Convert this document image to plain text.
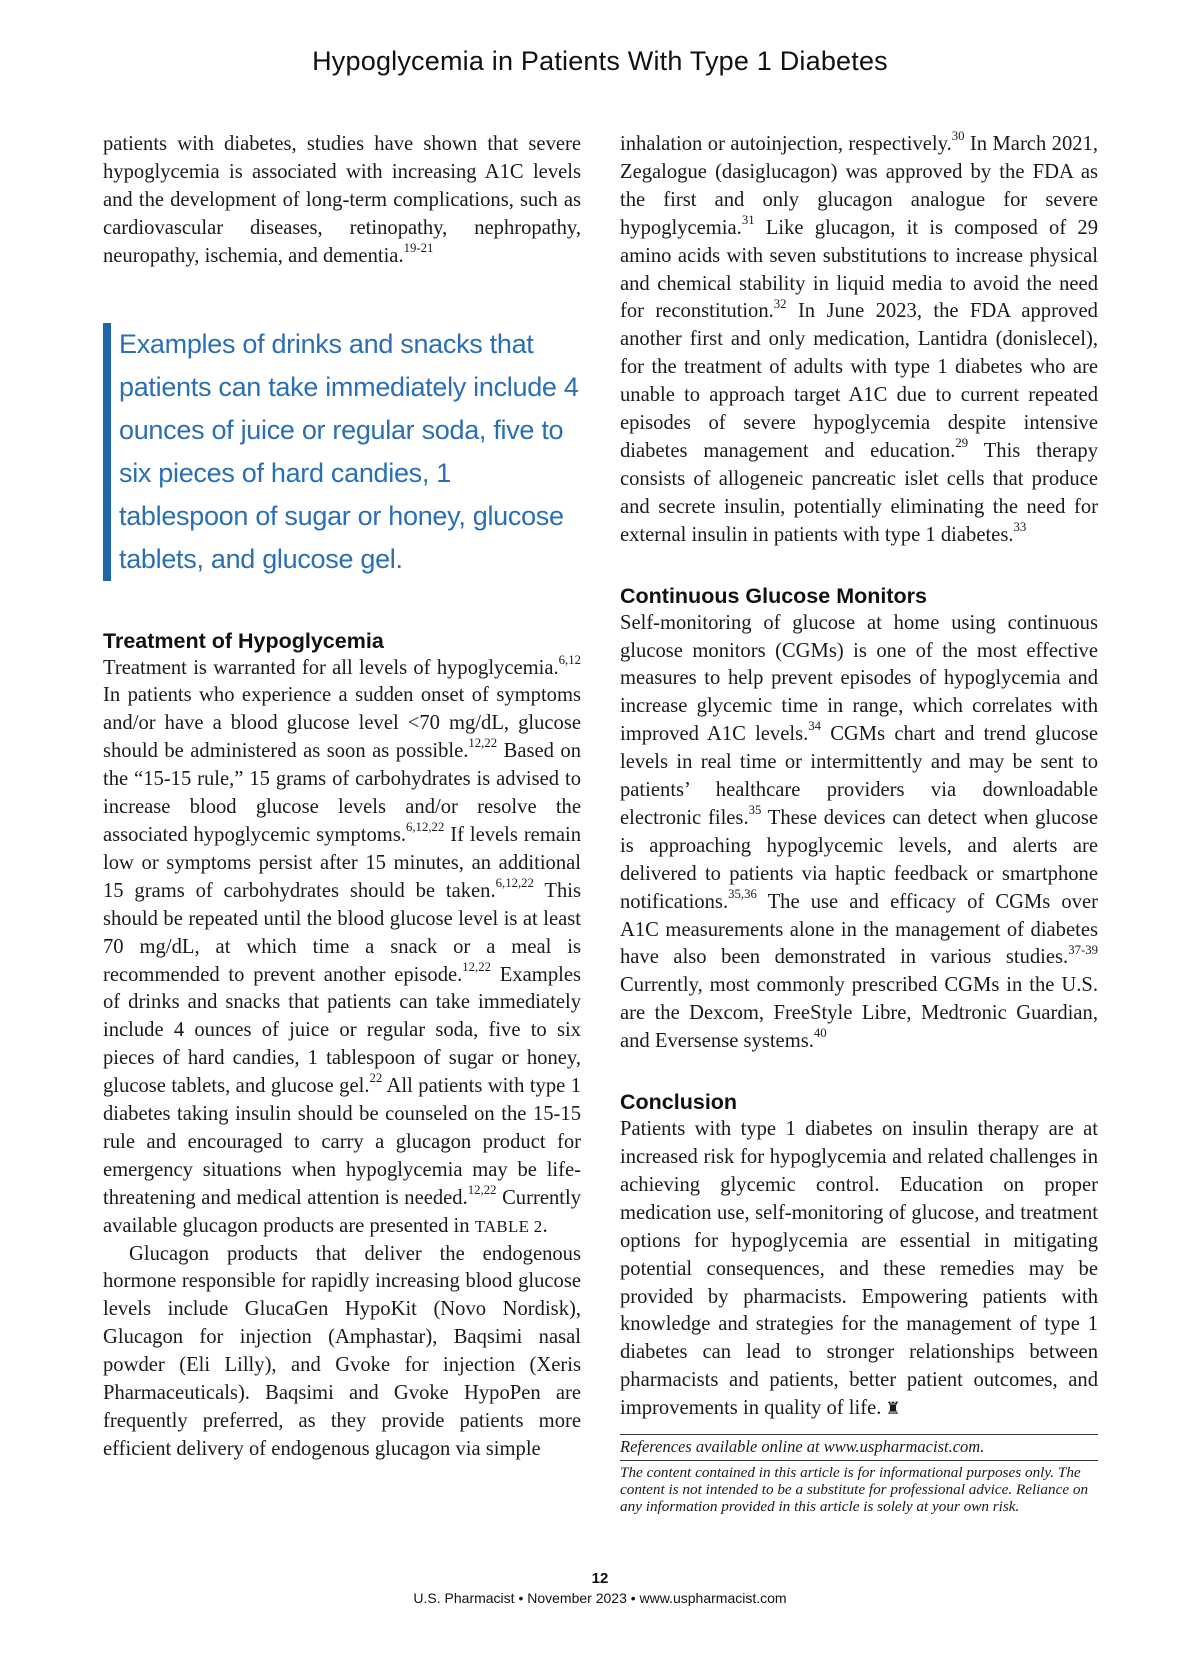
Hypoglycemia in Patients With Type 1 Diabetes

patients with diabetes, studies have shown that severe hypoglycemia is associated with increasing A1C levels and the development of long-term complications, such as cardiovascular diseases, retinopathy, nephropathy, neuropathy, ischemia, and dementia.$^{19-21}$

Examples of drinks and snacks that patients can take immediately include 4 ounces of juice or regular soda, five to six pieces of hard candies, 1 tablespoon of sugar or honey, glucose tablets, and glucose gel.
Treatment of Hypoglycemia

Treatment is warranted for all levels of hypoglycemia.$^{6,12}$ In patients who experience a sudden onset of symptoms and/or have a blood glucose level <70 mg/dL, glucose should be administered as soon as possible.$^{12,22}$ Based on the “15-15 rule,” 15 grams of carbohydrates is advised to increase blood glucose levels and/or resolve the associated hypoglycemic symptoms.$^{6,12,22}$ If levels remain low or symptoms persist after 15 minutes, an additional 15 grams of carbohydrates should be taken.$^{6,12,22}$ This should be repeated until the blood glucose level is at least 70 mg/dL, at which time a snack or a meal is recommended to prevent another episode.$^{12,22}$ Examples of drinks and snacks that patients can take immediately include 4 ounces of juice or regular soda, five to six pieces of hard candies, 1 tablespoon of sugar or honey, glucose tablets, and glucose gel.$^{22}$ All patients with type 1 diabetes taking insulin should be counseled on the 15-15 rule and encouraged to carry a glucagon product for emergency situations when hypoglycemia may be life-threatening and medical attention is needed.$^{12,22}$ Currently available glucagon products are presented in TABLE 2.

Glucagon products that deliver the endogenous hormone responsible for rapidly increasing blood glucose levels include GlucaGen HypoKit (Novo Nordisk), Glucagon for injection (Amphastar), Baqsimi nasal powder (Eli Lilly), and Gvoke for injection (Xeris Pharmaceuticals). Baqsimi and Gvoke HypoPen are frequently preferred, as they provide patients more efficient delivery of endogenous glucagon via simple

inhalation or autoinjection, respectively.$^{30}$ In March 2021, Zegalogue (dasiglucagon) was approved by the FDA as the first and only glucagon analogue for severe hypoglycemia.$^{31}$ Like glucagon, it is composed of 29 amino acids with seven substitutions to increase physical and chemical stability in liquid media to avoid the need for reconstitution.$^{32}$ In June 2023, the FDA approved another first and only medication, Lantidra (donislecel), for the treatment of adults with type 1 diabetes who are unable to approach target A1C due to current repeated episodes of severe hypoglycemia despite intensive diabetes management and education.$^{29}$ This therapy consists of allogeneic pancreatic islet cells that produce and secrete insulin, potentially eliminating the need for external insulin in patients with type 1 diabetes.$^{33}$

Continuous Glucose Monitors

Self-monitoring of glucose at home using continuous glucose monitors (CGMs) is one of the most effective measures to help prevent episodes of hypoglycemia and increase glycemic time in range, which correlates with improved A1C levels.$^{34}$ CGMs chart and trend glucose levels in real time or intermittently and may be sent to patients’ healthcare providers via downloadable electronic files.$^{35}$ These devices can detect when glucose is approaching hypoglycemic levels, and alerts are delivered to patients via haptic feedback or smartphone notifications.$^{35,36}$ The use and efficacy of CGMs over A1C measurements alone in the management of diabetes have also been demonstrated in various studies.$^{37-39}$ Currently, most commonly prescribed CGMs in the U.S. are the Dexcom, FreeStyle Libre, Medtronic Guardian, and Eversense systems.$^{40}$

Conclusion

Patients with type 1 diabetes on insulin therapy are at increased risk for hypoglycemia and related challenges in achieving glycemic control. Education on proper medication use, self-monitoring of glucose, and treatment options for hypoglycemia are essential in mitigating potential consequences, and these remedies may be provided by pharmacists. Empowering patients with knowledge and strategies for the management of type 1 diabetes can lead to stronger relationships between pharmacists and patients, better patient outcomes, and improvements in quality of life. ♜

References available online at www.uspharmacist.com.
The content contained in this article is for informational purposes only. The content is not intended to be a substitute for professional advice. Reliance on any information provided in this article is solely at your own risk.
12
U.S. Pharmacist • November 2023 • www.uspharmacist.com
